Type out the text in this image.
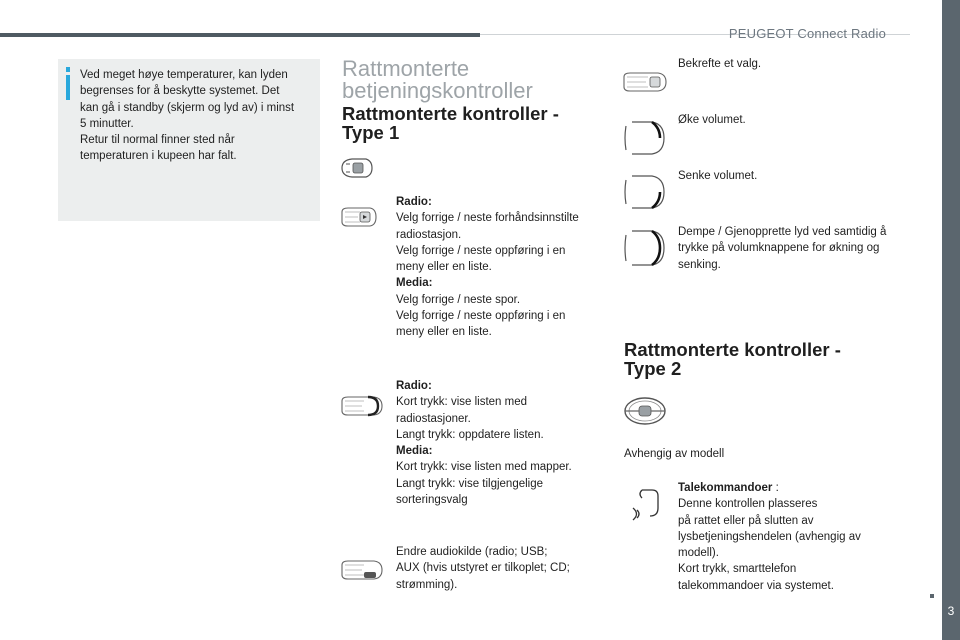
PEUGEOT Connect Radio
3
Ved meget høye temperaturer, kan lyden
begrenses for å beskytte systemet. Det
kan gå i standby (skjerm og lyd av) i minst
5 minutter.
Retur til normal finner sted når
temperaturen i kupeen har falt.
Rattmonterte
betjeningskontroller
Rattmonterte kontroller -
Type 1
Radio:
Velg forrige / neste forhåndsinnstilte
radiostasjon.
Velg forrige / neste oppføring i en
meny eller en liste.
Media:
Velg forrige / neste spor.
Velg forrige / neste oppføring i en
meny eller en liste.
Radio:
Kort trykk: vise listen med
radiostasjoner.
Langt trykk: oppdatere listen.
Media:
Kort trykk: vise listen med mapper.
Langt trykk: vise tilgjengelige
sorteringsvalg
Endre audiokilde (radio; USB;
AUX (hvis utstyret er tilkoplet; CD;
strømming).
Bekrefte et valg.
Øke volumet.
Senke volumet.
Dempe / Gjenopprette lyd ved samtidig å trykke på volumknappene for økning og senking.
Rattmonterte kontroller -
Type 2
Avhengig av modell
Talekommandoer :
Denne kontrollen plasseres
på rattet eller på slutten av
lysbetjeningshendelen (avhengig av
modell).
Kort trykk, smarttelefon
talekommandoer via systemet.
